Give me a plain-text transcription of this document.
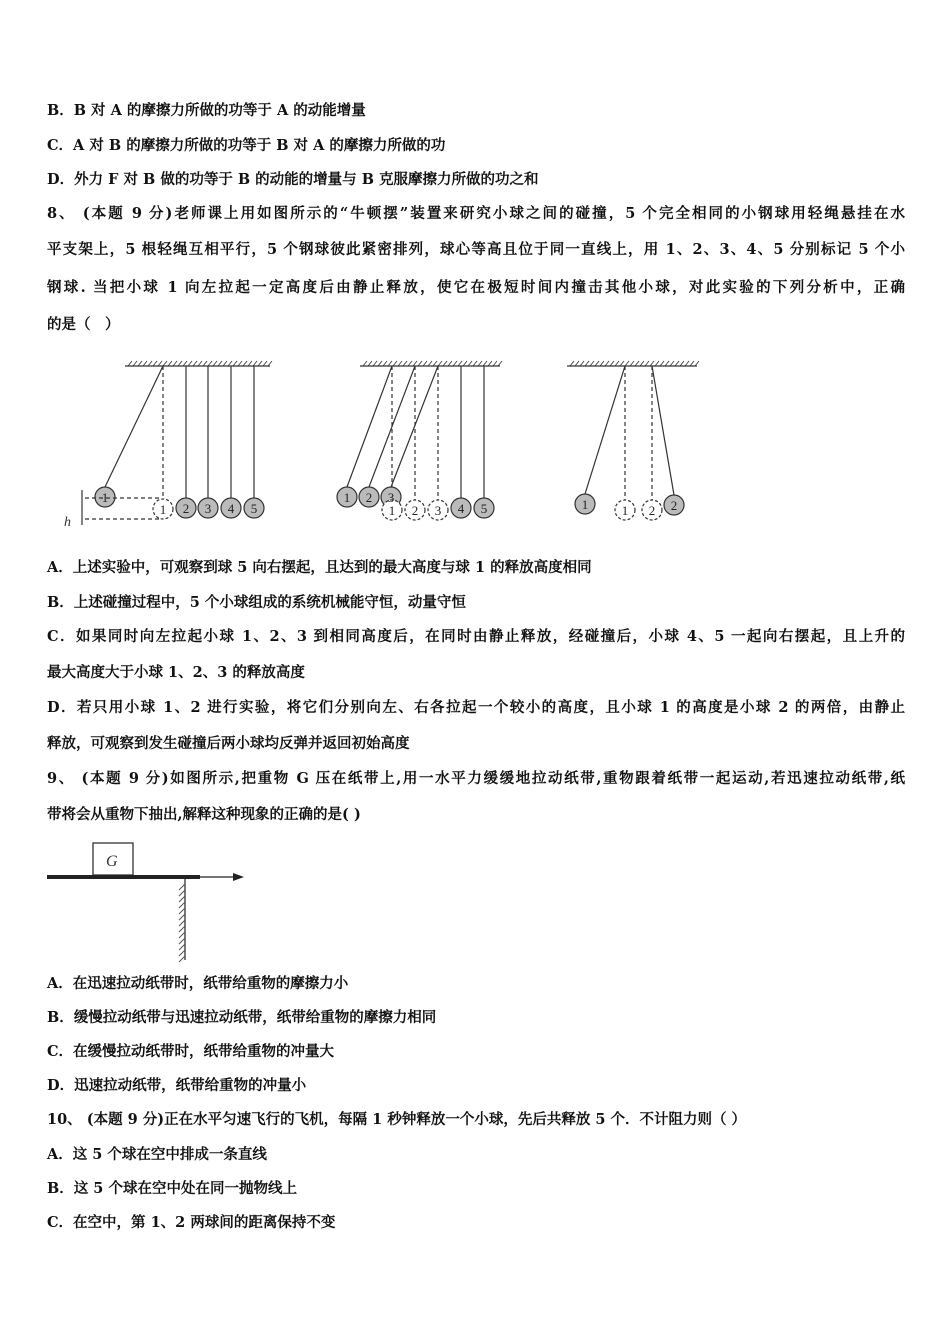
B．B 对 A 的摩擦力所做的功等于 A 的动能增量
C．A 对 B 的摩擦力所做的功等于 B 对 A 的摩擦力所做的功
D．外力 F 对 B 做的功等于 B 的动能的增量与 B 克服摩擦力所做的功之和
8、 (本题 9 分)老师课上用如图所示的“牛顿摆”装置来研究小球之间的碰撞，5 个完全相同的小钢球用轻绳悬挂在水
平支架上，5 根轻绳互相平行，5 个钢球彼此紧密排列，球心等高且位于同一直线上，用 1、2、3、4、5 分别标记 5 个小
钢球. 当把小球 1 向左拉起一定高度后由静止释放，使它在极短时间内撞击其他小球，对此实验的下列分析中，正确
的是（　）
1
1 2 3 4 5
1 2 3
1 2 3 4 5	1	1 2 2
h
A．上述实验中，可观察到球 5 向右摆起，且达到的最大高度与球 1 的释放高度相同
B．上述碰撞过程中，5 个小球组成的系统机械能守恒，动量守恒
C．如果同时向左拉起小球 1、2、3 到相同高度后，在同时由静止释放，经碰撞后，小球 4、5 一起向右摆起，且上升的
最大高度大于小球 1、2、3 的释放高度
D．若只用小球 1、2 进行实验，将它们分别向左、右各拉起一个较小的高度，且小球 1 的高度是小球 2 的两倍，由静止
释放，可观察到发生碰撞后两小球均反弹并返回初始高度
9、 (本题 9 分)如图所示,把重物 G 压在纸带上,用一水平力缓缓地拉动纸带,重物跟着纸带一起运动,若迅速拉动纸带,纸
带将会从重物下抽出,解释这种现象的正确的是( )
G
A．在迅速拉动纸带时，纸带给重物的摩擦力小
B．缓慢拉动纸带与迅速拉动纸带，纸带给重物的摩擦力相同
C．在缓慢拉动纸带时，纸带给重物的冲量大
D．迅速拉动纸带，纸带给重物的冲量小
10、 (本题 9 分)正在水平匀速飞行的飞机，每隔 1 秒钟释放一个小球，先后共释放 5 个．不计阻力则（ ）
A．这 5 个球在空中排成一条直线
B．这 5 个球在空中处在同一抛物线上
C．在空中，第 1、2 两球间的距离保持不变
